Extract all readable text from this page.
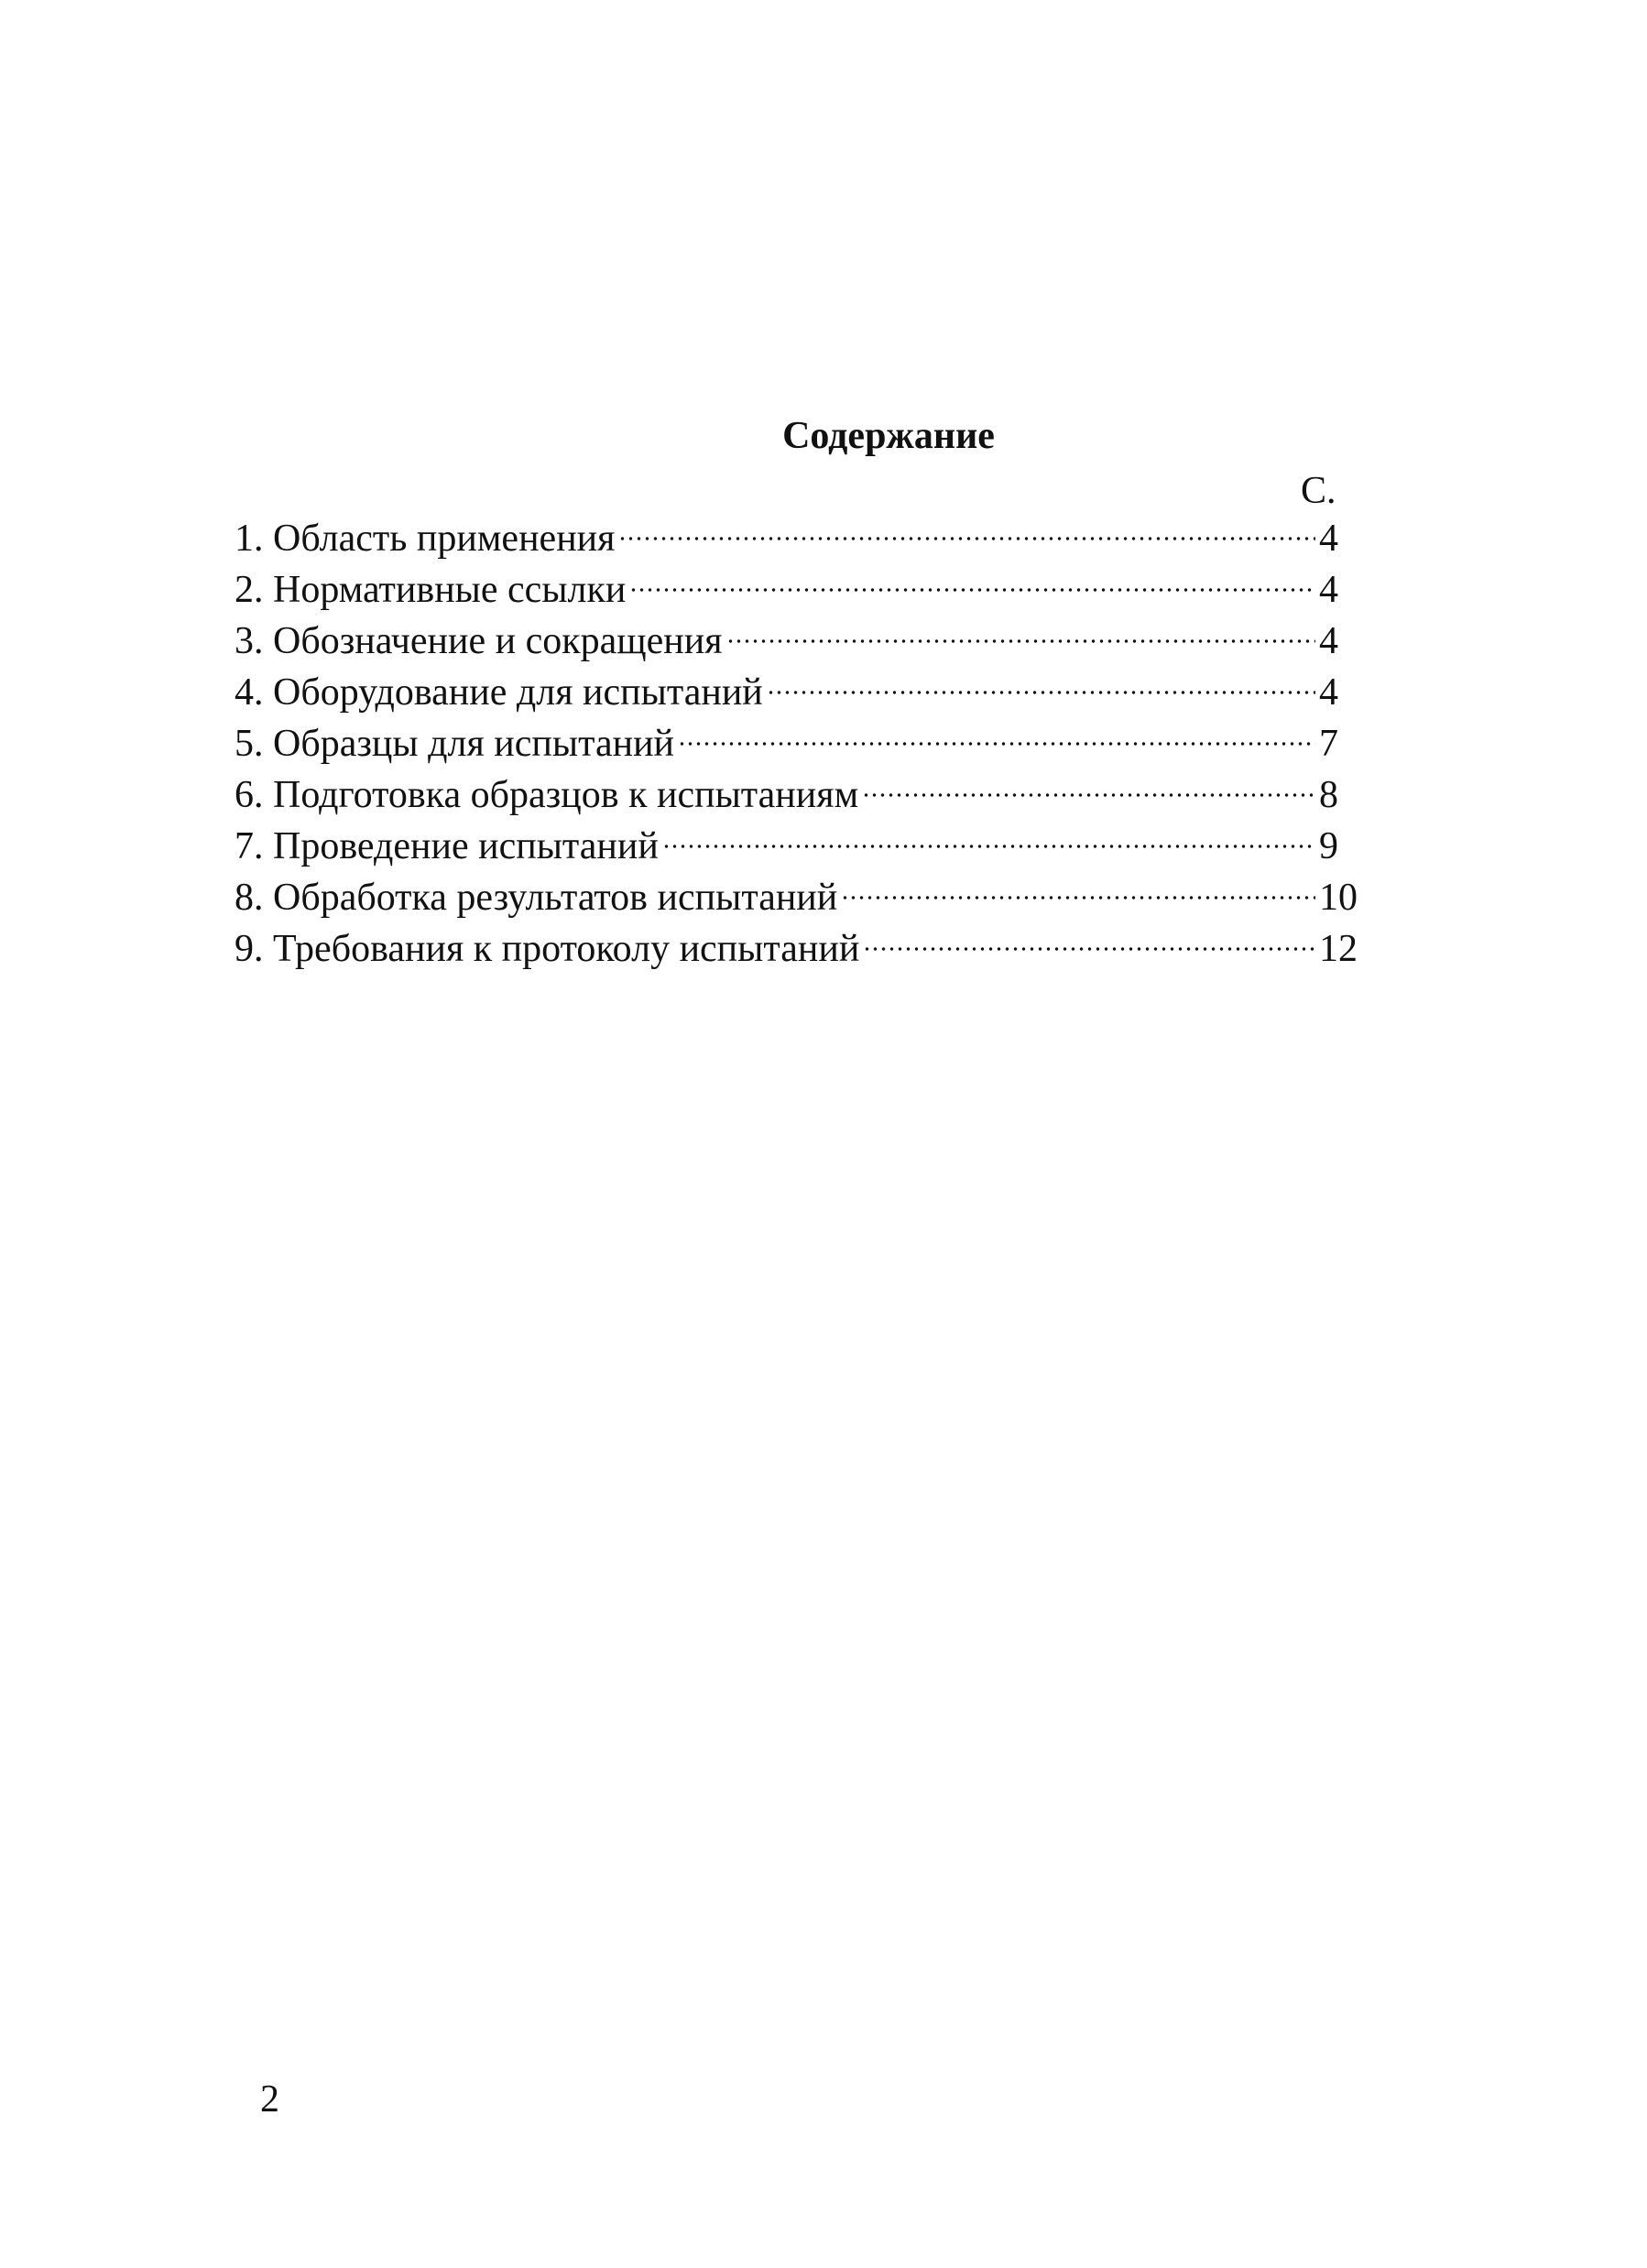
Содержание
С.
1. Область применения	4
2. Нормативные ссылки	4
3. Обозначение и сокращения	4
4. Оборудование для испытаний	4
5. Образцы для испытаний	7
6. Подготовка образцов к испытаниям	8
7. Проведение испытаний	9
8. Обработка результатов испытаний	10
9. Требования к протоколу испытаний	12
2
